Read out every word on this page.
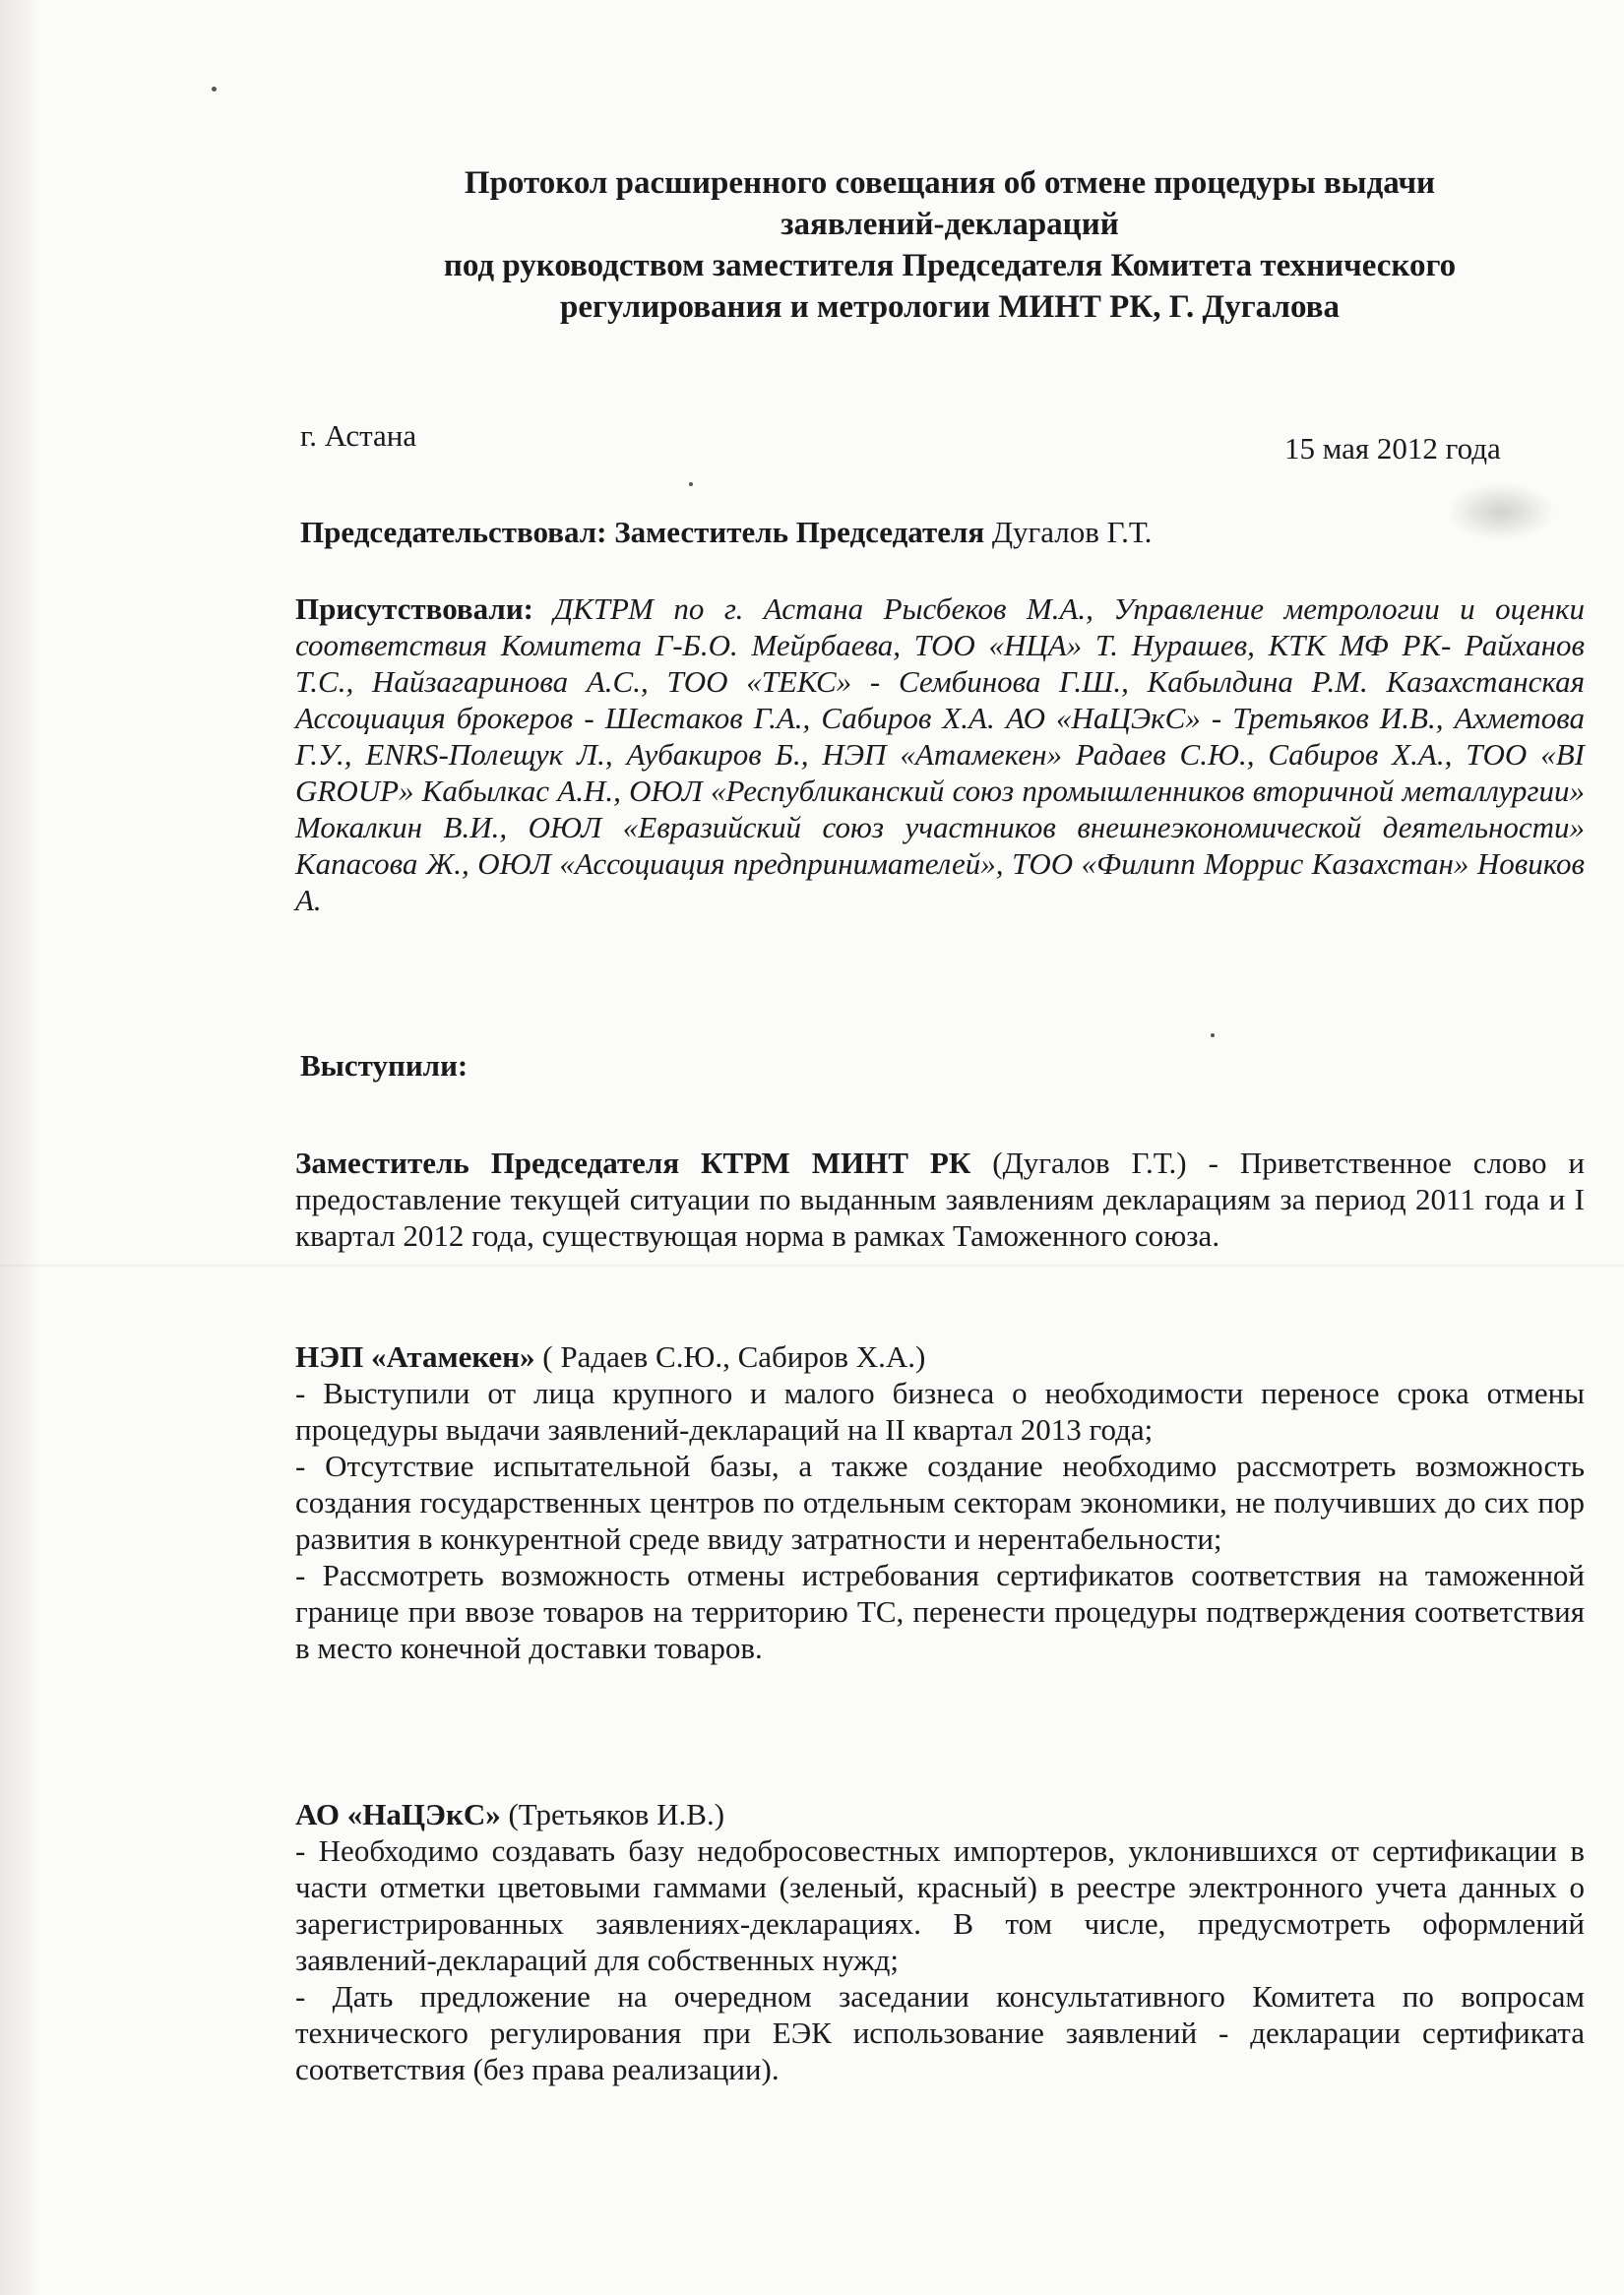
Протокол расширенного совещания об отмене процедуры выдачи
заявлений-деклараций
под руководством заместителя Председателя Комитета технического
регулирования и метрологии МИНТ РК, Г. Дугалова
г. Астана	15 мая 2012 года
Председательствовал: Заместитель Председателя Дугалов Г.Т.
Присутствовали: ДКТРМ по г. Астана Рысбеков М.А., Управление метрологии и оценки соответствия Комитета Г-Б.О. Мейрбаева, ТОО «НЦА» Т. Нурашев, КТК МФ РК- Райханов Т.С., Найзагаринова А.С., ТОО «ТЕКС» - Сембинова Г.Ш., Кабылдина Р.М. Казахстанская Ассоциация брокеров - Шестаков Г.А., Сабиров Х.А. АО «НаЦЭкС» - Третьяков И.В., Ахметова Г.У., ENRS-Полещук Л., Аубакиров Б., НЭП «Атамекен» Радаев С.Ю., Сабиров Х.А., ТОО «BI GROUP» Кабылкас А.Н., ОЮЛ «Республиканский союз промышленников вторичной металлургии» Мокалкин В.И., ОЮЛ «Евразийский союз участников внешнеэкономической деятельности» Капасова Ж., ОЮЛ «Ассоциация предпринимателей», ТОО «Филипп Моррис Казахстан» Новиков А.
Выступили:
Заместитель Председателя КТРМ МИНТ РК (Дугалов Г.Т.) - Приветственное слово и предоставление текущей ситуации по выданным заявлениям декларациям за период 2011 года и I квартал 2012 года, существующая норма в рамках Таможенного союза.
НЭП «Атамекен» ( Радаев С.Ю., Сабиров Х.А.)
- Выступили от лица крупного и малого бизнеса о необходимости переносе срока отмены процедуры выдачи заявлений-деклараций на II квартал 2013 года;
- Отсутствие испытательной базы, а также создание необходимо рассмотреть возможность создания государственных центров по отдельным секторам экономики, не получивших до сих пор развития в конкурентной среде ввиду затратности и нерентабельности;
- Рассмотреть возможность отмены истребования сертификатов соответствия на таможенной границе при ввозе товаров на территорию ТС, перенести процедуры подтверждения соответствия в место конечной доставки товаров.
АО «НаЦЭкС» (Третьяков И.В.)
- Необходимо создавать базу недобросовестных импортеров, уклонившихся от сертификации в части отметки цветовыми гаммами (зеленый, красный) в реестре электронного учета данных о зарегистрированных заявлениях-декларациях. В том числе, предусмотреть оформлений заявлений-деклараций для собственных нужд;
- Дать предложение на очередном заседании консультативного Комитета по вопросам технического регулирования при ЕЭК использование заявлений - декларации сертификата соответствия (без права реализации).
